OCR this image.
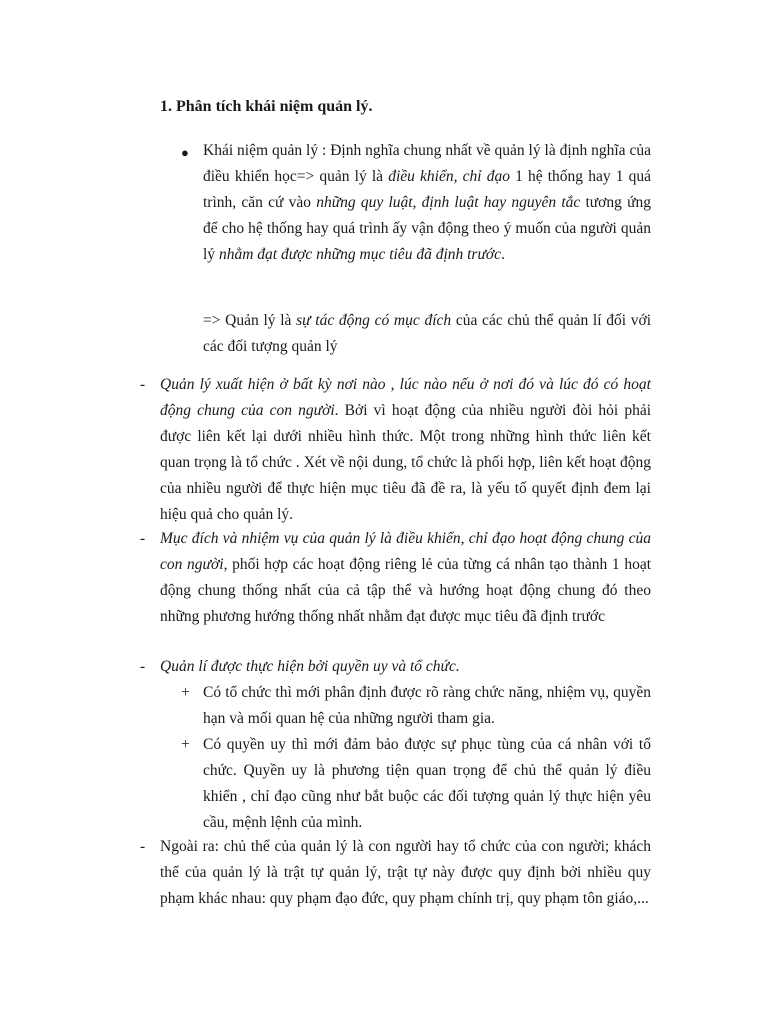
1. Phân tích khái niệm quản lý.
● Khái niệm quản lý : Định nghĩa chung nhất về quản lý là định nghĩa của điều khiển học=> quản lý là điều khiển, chỉ đạo 1 hệ thống hay 1 quá trình, căn cứ vào những quy luật, định luật hay nguyên tắc tương ứng để cho hệ thống hay quá trình ấy vận động theo ý muốn của người quản lý nhằm đạt được những mục tiêu đã định trước.
=> Quản lý là sự tác động có mục đích của các chủ thể quản lí đối với các đối tượng quản lý
- Quản lý xuất hiện ở bất kỳ nơi nào , lúc nào nếu ở nơi đó và lúc đó có hoạt động chung của con người. Bởi vì hoạt động của nhiều người đòi hỏi phải được liên kết lại dưới nhiều hình thức. Một trong những hình thức liên kết quan trọng là tổ chức . Xét về nội dung, tổ chức là phối hợp, liên kết hoạt động của nhiều người để thực hiện mục tiêu đã đề ra, là yếu tố quyết định đem lại hiệu quả cho quản lý.
- Mục đích và nhiệm vụ của quản lý là điều khiển, chỉ đạo hoạt động chung của con người, phối hợp các hoạt động riêng lẻ của từng cá nhân tạo thành 1 hoạt động chung thống nhất của cả tập thể và hướng hoạt động chung đó theo những phương hướng thống nhất nhằm đạt được mục tiêu đã định trước
- Quản lí được thực hiện bởi quyền uy và tổ chức.
+ Có tổ chức thì mới phân định được rõ ràng chức năng, nhiệm vụ, quyền hạn và mối quan hệ của những người tham gia.
+ Có quyền uy thì mới đảm bảo được sự phục tùng của cá nhân với tổ chức. Quyền uy là phương tiện quan trọng để chủ thể quản lý điều khiển , chỉ đạo cũng như bắt buộc các đối tượng quản lý thực hiện yêu cầu, mệnh lệnh của mình.
- Ngoài ra: chủ thể của quản lý là con người hay tổ chức của con người; khách thể của quản lý là trật tự quản lý, trật tự này được quy định bởi nhiều quy phạm khác nhau: quy phạm đạo đức, quy phạm chính trị, quy phạm tôn giáo,...
